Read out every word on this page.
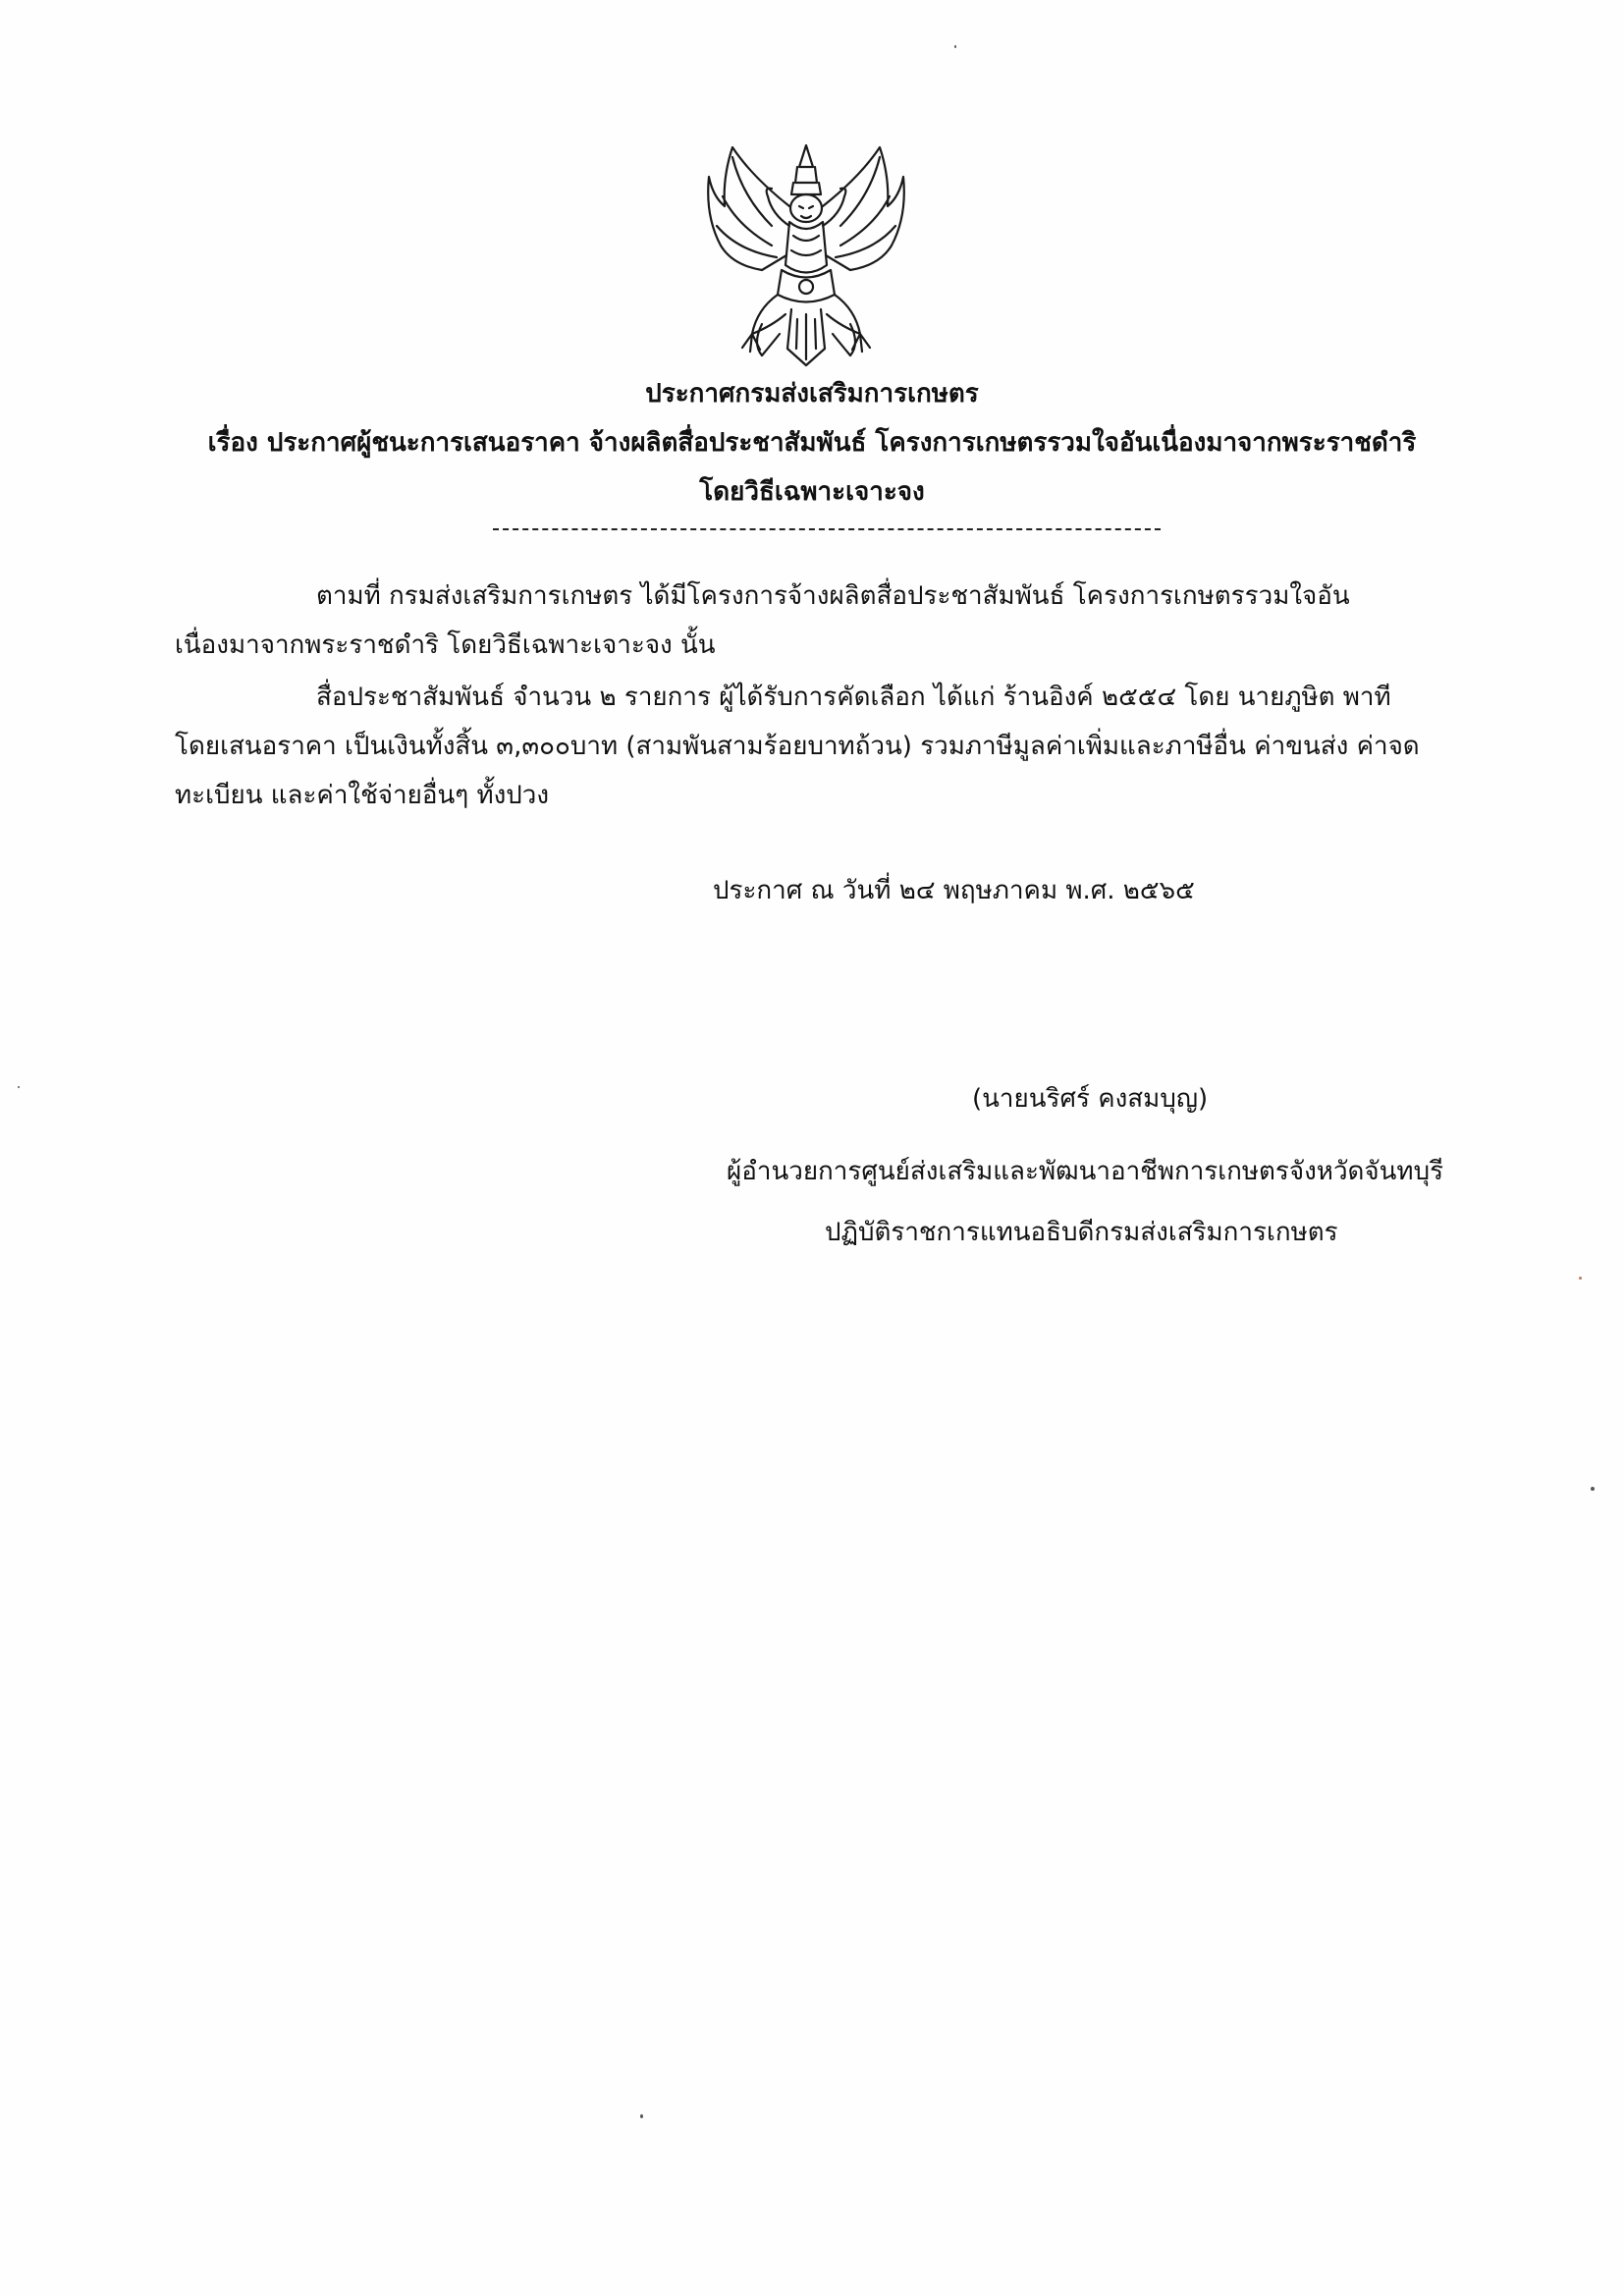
ประกาศกรมส่งเสริมการเกษตร
เรื่อง ประกาศผู้ชนะการเสนอราคา จ้างผลิตสื่อประชาสัมพันธ์ โครงการเกษตรรวมใจอันเนื่องมาจากพระราชดำริ
โดยวิธีเฉพาะเจาะจง
ตามที่ กรมส่งเสริมการเกษตร ได้มีโครงการจ้างผลิตสื่อประชาสัมพันธ์ โครงการเกษตรรวมใจอัน
เนื่องมาจากพระราชดำริ โดยวิธีเฉพาะเจาะจง นั้น
สื่อประชาสัมพันธ์ จำนวน ๒ รายการ ผู้ได้รับการคัดเลือก ได้แก่ ร้านอิงค์ ๒๕๕๔ โดย นายภูษิต พาที
โดยเสนอราคา เป็นเงินทั้งสิ้น ๓,๓๐๐บาท (สามพันสามร้อยบาทถ้วน) รวมภาษีมูลค่าเพิ่มและภาษีอื่น ค่าขนส่ง ค่าจด
ทะเบียน และค่าใช้จ่ายอื่นๆ ทั้งปวง
ประกาศ ณ วันที่ ๒๔ พฤษภาคม พ.ศ. ๒๕๖๕
(นายนริศร์ คงสมบุญ)
ผู้อำนวยการศูนย์ส่งเสริมและพัฒนาอาชีพการเกษตรจังหวัดจันทบุรี
ปฏิบัติราชการแทนอธิบดีกรมส่งเสริมการเกษตร
